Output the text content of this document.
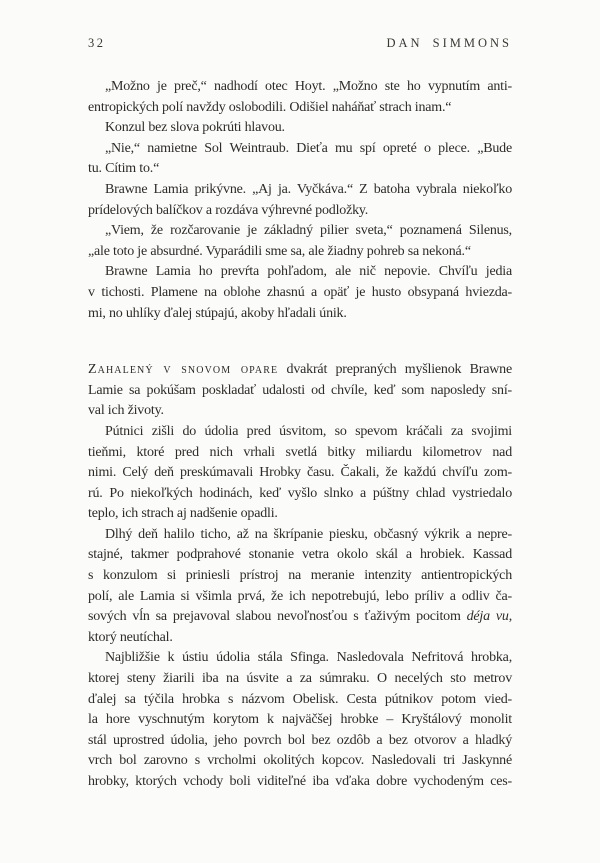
32	DAN SIMMONS
„Možno je preč,“ nadhodí otec Hoyt. „Možno ste ho vypnutím anti-
entropických polí navždy oslobodili. Odišiel naháňať strach inam.“
Konzul bez slova pokrúti hlavou.
„Nie,“ namietne Sol Weintraub. Dieťa mu spí opreté o plece. „Bude
tu. Cítim to.“
Brawne Lamia prikývne. „Aj ja. Vyčkáva.“ Z batoha vybrala niekoľko
prídelových balíčkov a rozdáva výhrevné podložky.
„Viem, že rozčarovanie je základný pilier sveta,“ poznamená Silenus,
„ale toto je absurdné. Vyparádili sme sa, ale žiadny pohreb sa nekoná.“
Brawne Lamia ho prevŕta pohľadom, ale nič nepovie. Chvíľu jedia
v tichosti. Plamene na oblohe zhasnú a opäť je husto obsypaná hviezda-
mi, no uhlíky ďalej stúpajú, akoby hľadali únik.
Zahalený v snovom opare dvakrát prepraných myšlienok Brawne
Lamie sa pokúšam poskladať udalosti od chvíle, keď som naposledy sní-
val ich životy.
Pútnici zišli do údolia pred úsvitom, so spevom kráčali za svojimi
tieňmi, ktoré pred nich vrhali svetlá bitky miliardu kilometrov nad
nimi. Celý deň preskúmavali Hrobky času. Čakali, že každú chvíľu zom-
rú. Po niekoľkých hodinách, keď vyšlo slnko a púštny chlad vystriedalo
teplo, ich strach aj nadšenie opadli.
Dlhý deň halilo ticho, až na škrípanie piesku, občasný výkrik a nepre-
stajné, takmer podprahové stonanie vetra okolo skál a hrobiek. Kassad
s konzulom si priniesli prístroj na meranie intenzity antientropických
polí, ale Lamia si všimla prvá, že ich nepotrebujú, lebo príliv a odliv ča-
sových vĺn sa prejavoval slabou nevoľnosťou s ťaživým pocitom déja vu,
ktorý neutíchal.
Najbližšie k ústiu údolia stála Sfinga. Nasledovala Nefritová hrobka,
ktorej steny žiarili iba na úsvite a za súmraku. O necelých sto metrov
ďalej sa týčila hrobka s názvom Obelisk. Cesta pútnikov potom vied-
la hore vyschnutým korytom k najväčšej hrobke – Kryštálový monolit
stál uprostred údolia, jeho povrch bol bez ozdôb a bez otvorov a hladký
vrch bol zarovno s vrcholmi okolitých kopcov. Nasledovali tri Jaskynné
hrobky, ktorých vchody boli viditeľné iba vďaka dobre vychodeným ces-
